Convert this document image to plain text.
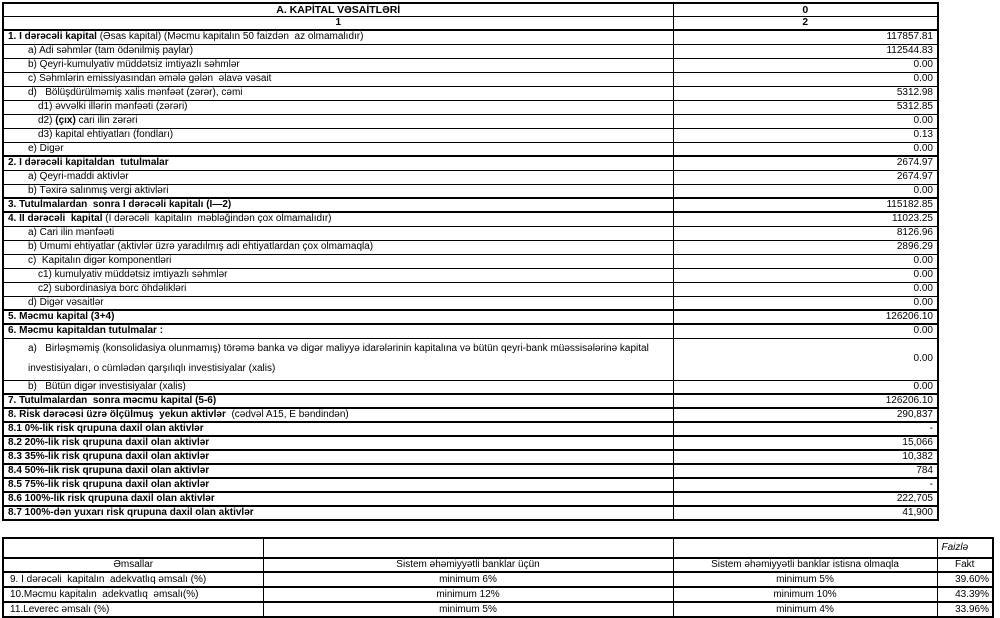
A. KAPİTAL VƏSAİTLƏRİ	0
1	2
1. I dərəcəli kapital (Əsas kapital) (Məcmu kapitalın 50 faizdən  az olmamalıdır)	117857.81
a) Adi səhmlər (tam ödənilmiş paylar)	112544.83
b) Qeyri-kumulyativ müddətsiz imtiyazlı səhmlər	0.00
c) Səhmlərin emissiyasından əmələ gələn  əlavə vəsait	0.00
d)   Bölüşdürülməmiş xalis mənfəət (zərər), cəmi	5312.98
d1) əvvəlki illərin mənfəəti (zərəri)	5312.85
d2) (çıx) cari ilin zərəri	0.00
d3) kapital ehtiyatları (fondları)	0.13
e) Digər	0.00
2. I dərəcəli kapitaldan  tutulmalar	2674.97
a) Qeyri-maddi aktivlər	2674.97
b) Təxirə salınmış vergi aktivləri	0.00
3. Tutulmalardan  sonra I dərəcəli kapitalı (I—2)	115182.85
4. II dərəcəli  kapital (I dərəcəli  kapitalın  məbləğindən çox olmamalıdır)	11023.25
a) Cari ilin mənfəəti	8126.96
b) Ümumi ehtiyatlar (aktivlər üzrə yaradılmış adi ehtiyatlardan çox olmamaqla)	2896.29
c)  Kapitalın digər komponentləri	0.00
c1) kumulyativ müddətsiz imtiyazlı səhmlər	0.00
c2) subordinasiya borc öhdəlikləri	0.00
d) Digər vəsaitlər	0.00
5. Məcmu kapital (3+4)	126206.10
6. Məcmu kapitaldan tutulmalar :	0.00
a)   Birləşməmiş (konsolidasiya olunmamış) törəmə banka və digər maliyyə idarələrinin kapitalına və bütün qeyri-bank müəssisələrinə kapital investisiyaları, o cümlədən qarşılıqlı investisiyalar (xalis)	0.00
b)   Bütün digər investisiyalar (xalis)	0.00
7. Tutulmalardan  sonra məcmu kapital (5-6)	126206.10
8. Risk dərəcəsi üzrə ölçülmuş  yekun aktivlər  (cədvəl A15, E bəndindən)	290,837
8.1 0%-lik risk qrupuna daxil olan aktivlər	-
8.2 20%-lik risk qrupuna daxil olan aktivlər	15,066
8.3 35%-lik risk qrupuna daxil olan aktivlər	10,382
8.4 50%-lik risk qrupuna daxil olan aktivlər	784
8.5 75%-lik risk qrupuna daxil olan aktivlər	-
8.6 100%-lik risk qrupuna daxil olan aktivlər	222,705
8.7 100%-dən yuxarı risk qrupuna daxil olan aktivlər	41,900
			Faizlə
Əmsallar	Sistem əhəmiyyətli banklar üçün	Sistem əhəmiyyətli banklar istisna olmaqla	Fakt
9. I dərəcəli  kapitalın  adekvatlıq əmsalı (%)	minimum 6%	minimum 5%	39.60%
10.Məcmu kapitalın  adekvatlıq  əmsalı(%)	minimum 12%	minimum 10%	43.39%
11.Leverec əmsalı (%)	minimum 5%	minimum 4%	33.96%
